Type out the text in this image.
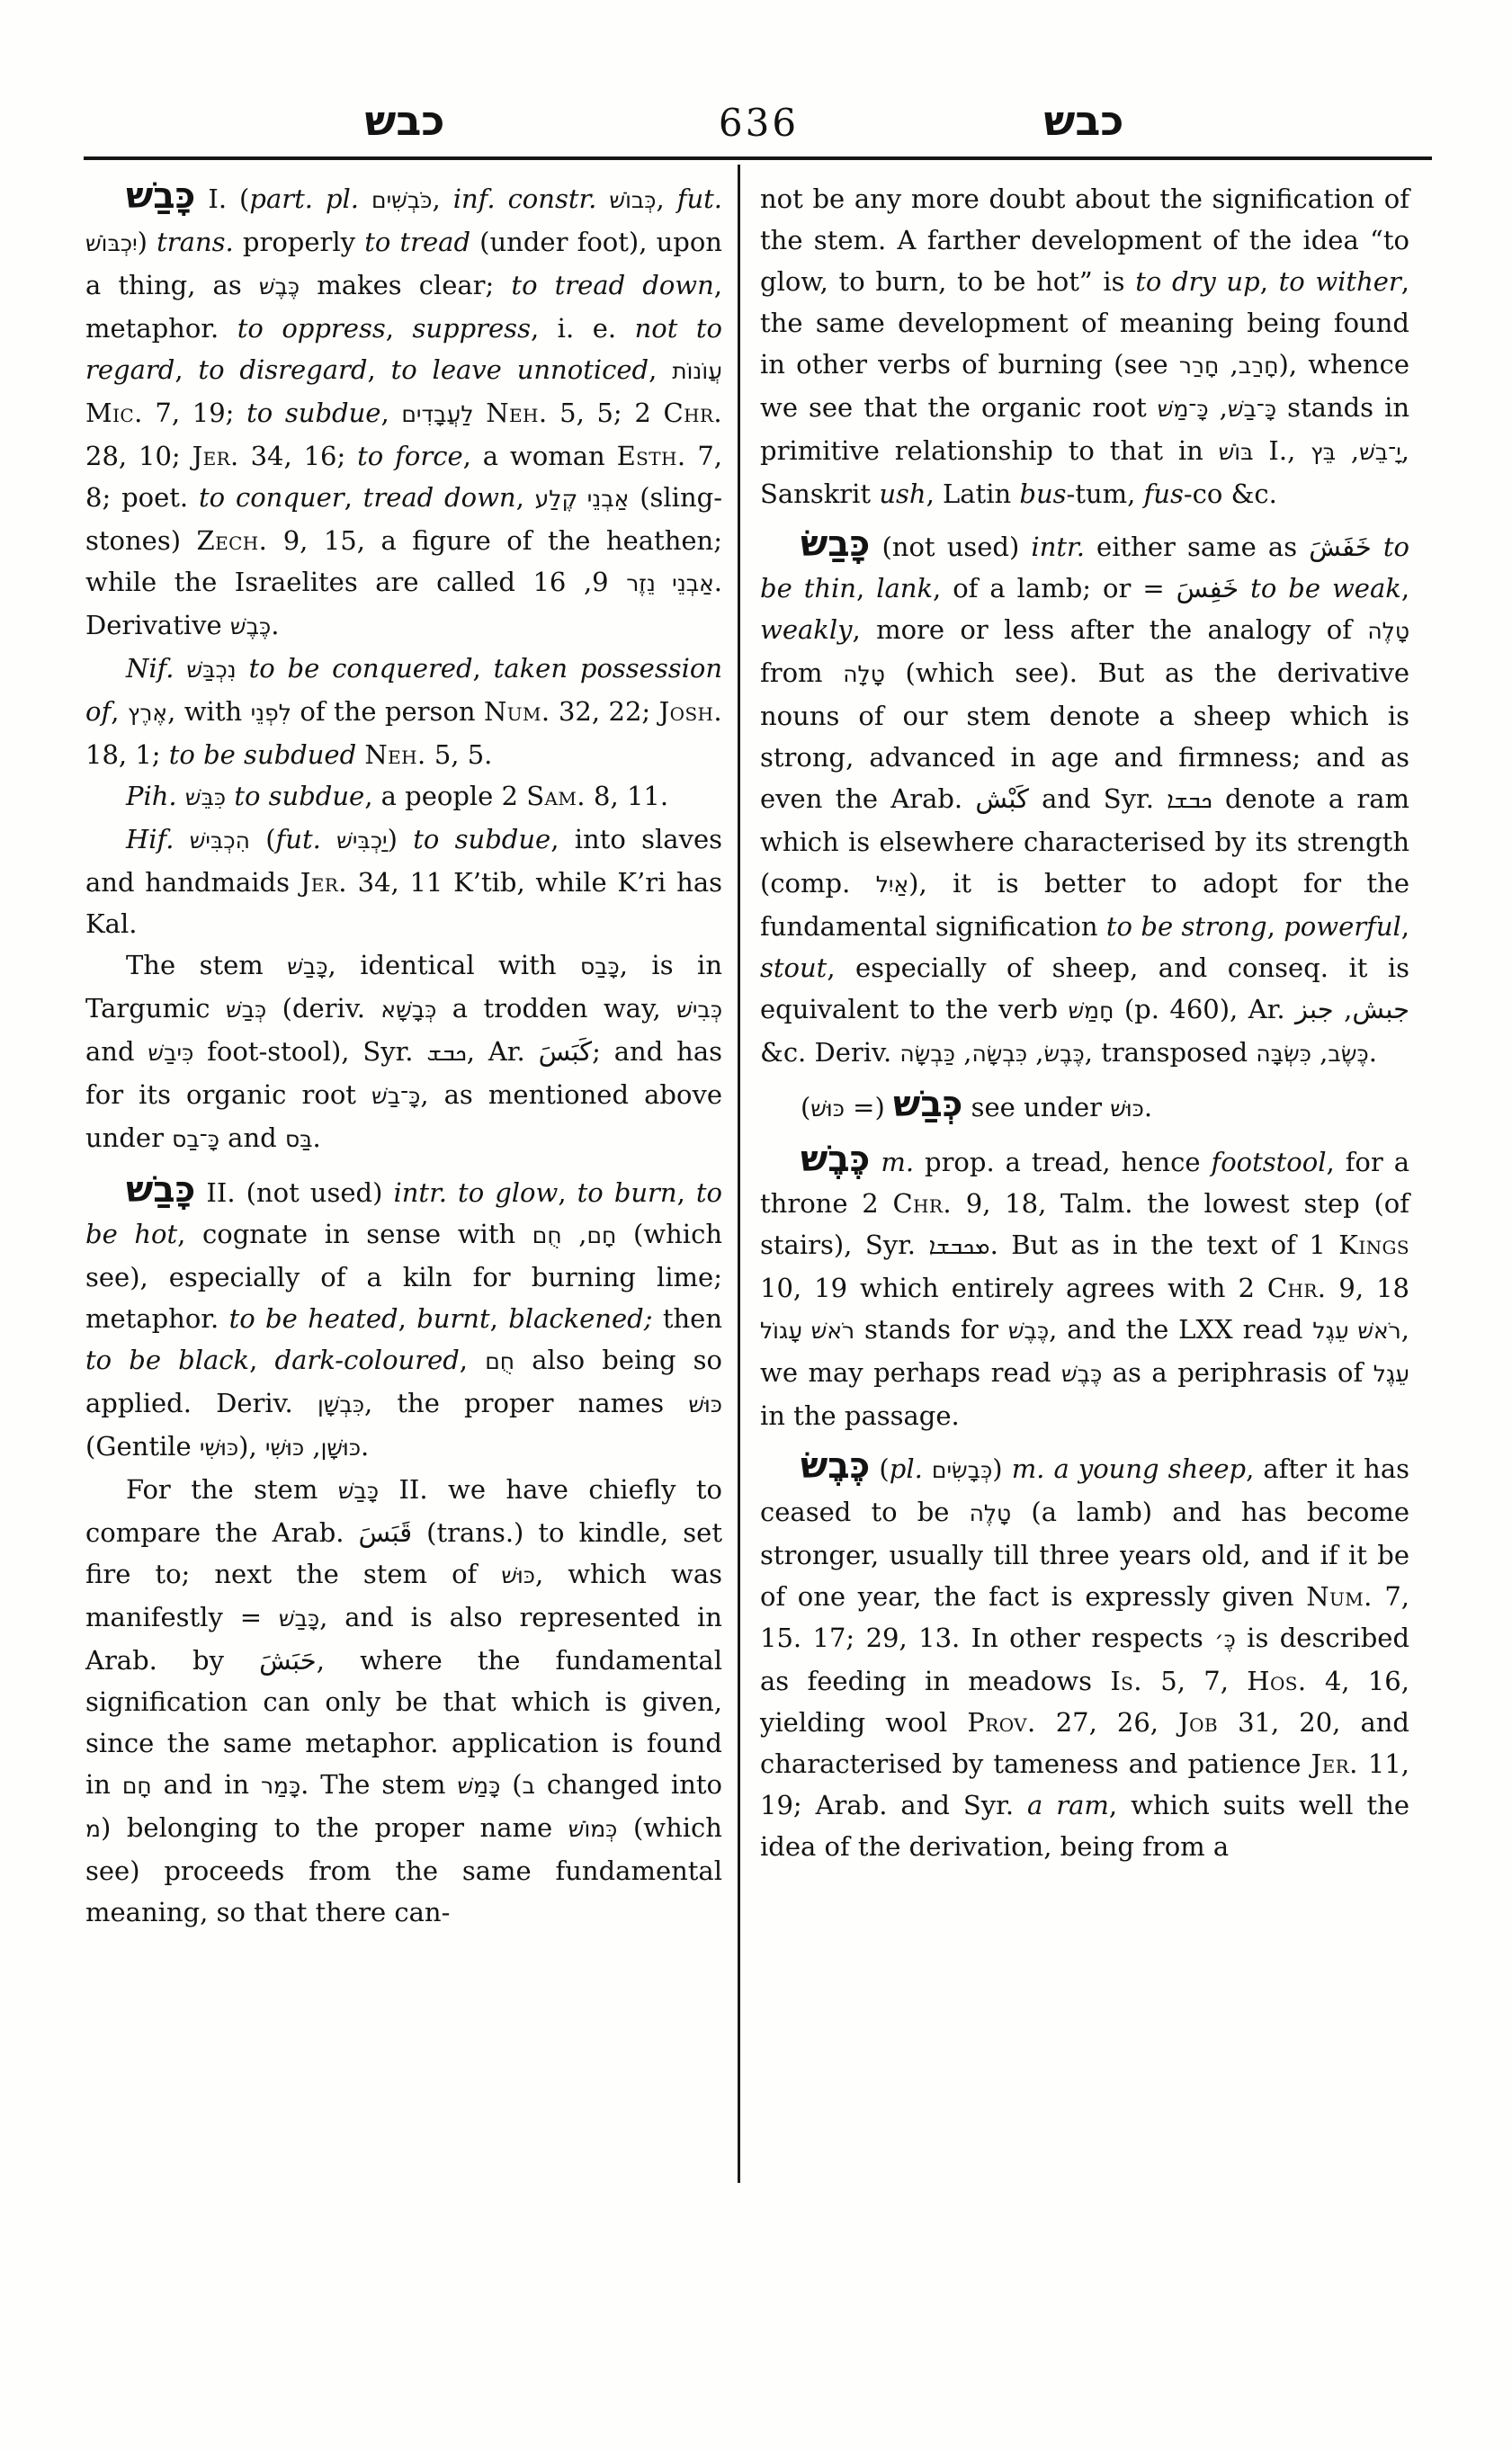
כבש	636	כבש

כָּבַשׁ I. (part. pl. כֹּבְשִׁים, inf. constr. כְּבוֹשׁ, fut. יִכְבּוֹשׁ) trans. properly to tread (under foot), upon a thing, as כֶּבֶשׁ makes clear; to tread down, metaphor. to oppress, suppress, i. e. not to regard, to disregard, to leave unnoticed, עֲוֹנוֹת Mic. 7, 19; to subdue, לַעֲבָדִים Neh. 5, 5; 2 Chr. 28, 10; Jer. 34, 16; to force, a woman Esth. 7, 8; poet. to conquer, tread down, אַבְנֵי קֶלַע (sling-stones) Zech. 9, 15, a figure of the heathen; while the Israelites are called	אַבְנֵי נֵזֶר 9, 16. Derivative כֶּבֶשׁ.

Nif. נִכְבַּשׁ to be conquered, taken possession of, אֶרֶץ, with לִפְנֵי of the person Num. 32, 22; Josh. 18, 1; to be subdued Neh. 5, 5.

Pih. כִּבֵּשׁ to subdue, a people 2 Sam. 8, 11.

Hif. הִכְבִּישׁ (fut. יַכְבִּישׁ) to subdue, into slaves and handmaids Jer. 34, 11 K’tib, while K’ri has Kal.

The stem כָּבַשׁ, identical with כָּבַס, is in Targumic כְּבַשׁ (deriv. כְּבָשָׁא a trodden way, כְּבִישׁ and כִּיבַשׁ foot-stool), Syr. ܟܒܫ, Ar. كَبَسَ; and has for its organic root כָּ־בַשׁ, as mentioned above under כָּ־בַס and בַּס.

כָּבַשׁ II. (not used) intr. to glow, to burn, to be hot, cognate in sense with חָם, חֻם (which see), especially of a kiln for burning lime; metaphor. to be heated, burnt, blackened; then to be black, dark-coloured, חֻם also being so applied. Deriv. כִּבְשָׁן, the proper names כּוּשׁ (Gentile כּוּשִׁי), כּוּשָׁן, כּוּשִׁי .

For the stem כָּבַשׁ II. we have chiefly to compare the Arab. قَبَسَ (trans.) to kindle, set fire to; next the stem of כּוּשׁ, which was manifestly = כָּבַשׁ, and is also represented in Arab. by حَبَشَ, where the fundamental signification can only be that which is given, since the same metaphor. application is found in חָם and in כָּמַר. The stem כָּמַשׁ (ב changed into מ) belonging to the proper name כְּמוֹשׁ (which see) proceeds from the same fundamental meaning, so that there can-

not be any more doubt about the signification of the stem. A farther development of the idea “to glow, to burn, to be hot” is to dry up, to wither, the same development of meaning being found in other verbs of burning (see	חָרַב, חָרַר ), whence we see that the organic root	כָּ־בַשׁ, כָּ־מַשׁ	stands in primitive relationship to that in בּוֹשׁ I., יָ־בֵשׁ, בֵּץ	, Sanskrit ush, Latin bus-tum, fus-co &c.

כָּבַשׂ (not used) intr. either same as خَفَشَ to be thin, lank, of a lamb; or = خَفِسَ to be weak, weakly, more or less after the analogy of טָלֶה from טָלָה (which see). But as the derivative nouns of our stem denote a sheep which is strong, advanced in age and firmness; and as even the Arab. كَبْش and Syr. ܟܒܫܐ denote a ram which is elsewhere characterised by its strength (comp. אַיִל), it is better to adopt for the fundamental signification to be strong, powerful, stout, especially of sheep, and conseq. it is equivalent to the verb חָמַשׁ (p. 460), Ar. جبش, جبز &c. Deriv.	כֶּבֶשׂ, כִּבְשָׂה, כַּבְשָׂה	, transposed	כֶּשֶׂב, כִּשְׂבָּה .

כְּבַשׁ (= כּוּשׁ) see under כּוּשׁ.

כֶּבֶשׁ m. prop. a tread, hence footstool, for a throne 2 Chr. 9, 18, Talm. the lowest step (of stairs), Syr. ܡܟܒܫܐ. But as in the text of 1 Kings 10, 19 which entirely agrees with 2 Chr. 9, 18 רֹאשׁ עָגוֹל stands for כֶּבֶשׁ, and the LXX read רֹאשׁ עֵגֶל, we may perhaps read כֶּבֶשׁ as a periphrasis of עֵגֶל in the passage.

כֶּבֶשׂ (pl. כְּבָשִׂים) m. a young sheep, after it has ceased to be טָלֶה (a lamb) and has become stronger, usually till three years old, and if it be of one year, the fact is expressly given Num. 7, 15. 17; 29, 13. In other respects כֶּ׳ is described as feeding in meadows Is. 5, 7, Hos. 4, 16, yielding wool Prov. 27, 26, Job 31, 20, and characterised by tameness and patience Jer. 11, 19; Arab. and Syr. a ram, which suits well the idea of the derivation, being from a
